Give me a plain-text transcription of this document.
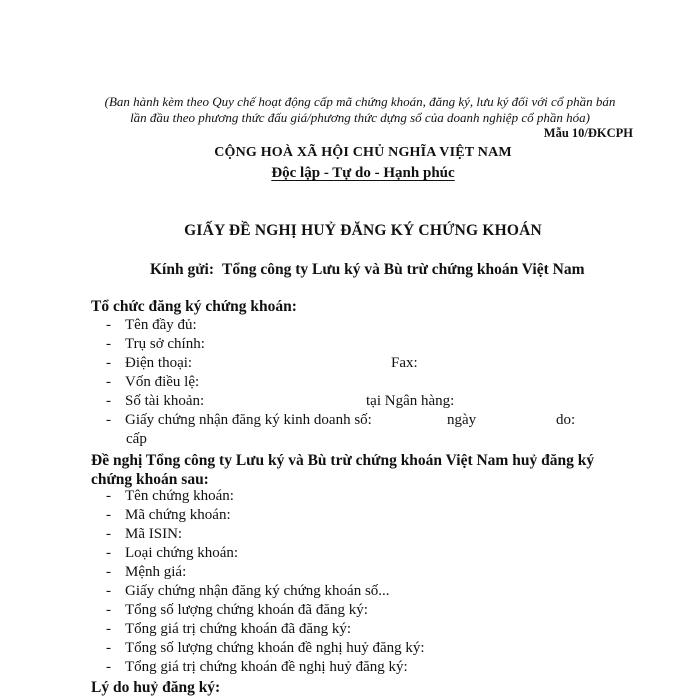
(Ban hành kèm theo Quy chế hoạt động cấp mã chứng khoán, đăng ký, lưu ký đối với cổ phần bán
lần đầu theo phương thức đấu giá/phương thức dựng sổ của doanh nghiệp cổ phần hóa)
Mẫu 10/ĐKCPH
CỘNG HOÀ XÃ HỘI CHỦ NGHĨA VIỆT NAM
Độc lập - Tự do - Hạnh phúc
GIẤY ĐỀ NGHỊ HUỶ ĐĂNG KÝ CHỨNG KHOÁN
Kính gửi: Tổng công ty Lưu ký và Bù trừ chứng khoán Việt Nam
Tổ chức đăng ký chứng khoán:
- Tên đầy đủ:
- Trụ sở chính:
- Điện thoại:	Fax:
- Vốn điều lệ:
- Số tài khoản:	tại Ngân hàng:
- Giấy chứng nhận đăng ký kinh doanh số:	ngày	do:
cấp
Đề nghị Tổng công ty Lưu ký và Bù trừ chứng khoán Việt Nam huỷ đăng ký
chứng khoán sau:
- Tên chứng khoán:
- Mã chứng khoán:
- Mã ISIN:
- Loại chứng khoán:
- Mệnh giá:
- Giấy chứng nhận đăng ký chứng khoán số...
- Tổng số lượng chứng khoán đã đăng ký:
- Tổng giá trị chứng khoán đã đăng ký:
- Tổng số lượng chứng khoán đề nghị huỷ đăng ký:
- Tổng giá trị chứng khoán đề nghị huỷ đăng ký:
Lý do huỷ đăng ký:
